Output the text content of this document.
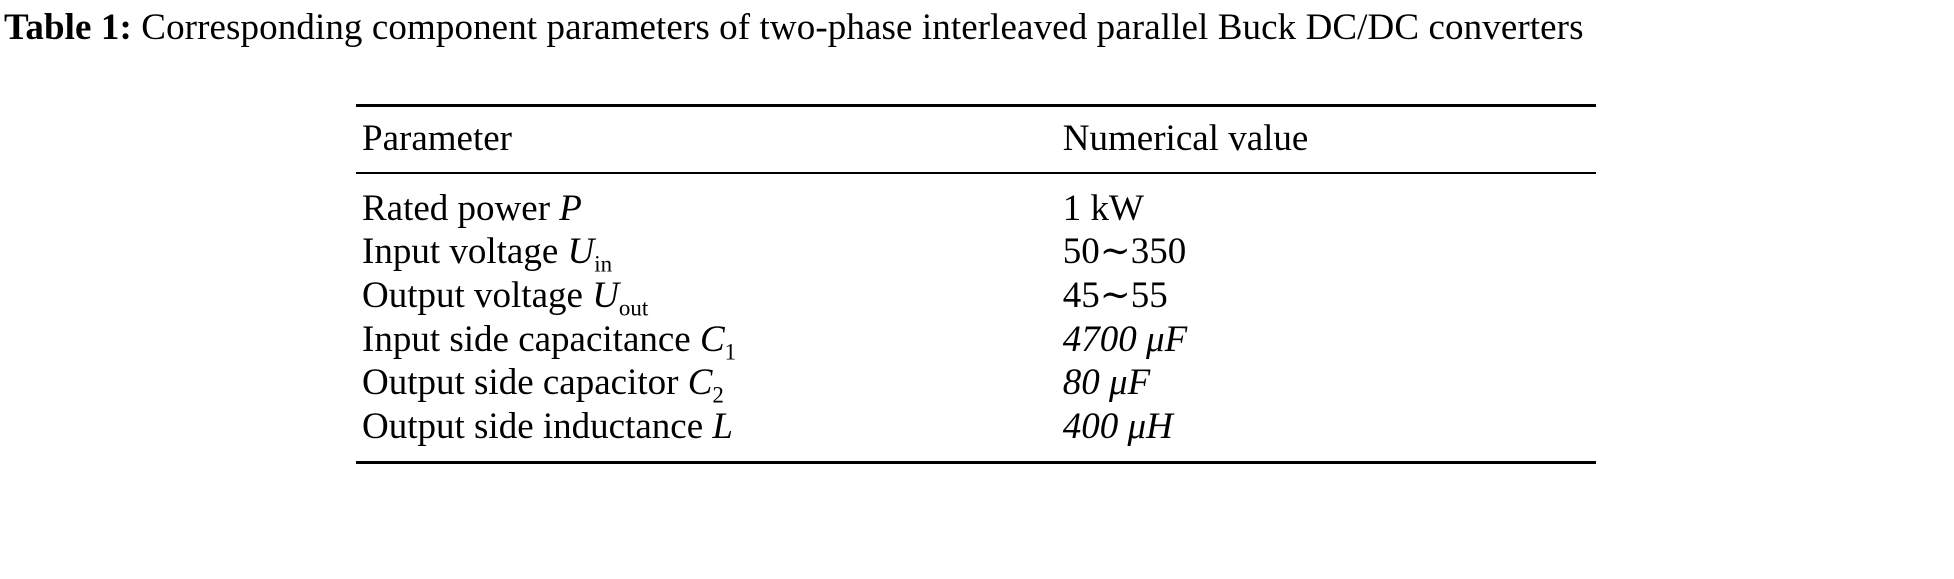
Table 1: Corresponding component parameters of two-phase interleaved parallel Buck DC/DC converters
Parameter	Numerical value
Rated power P	1 kW
Input voltage $U_{in}$	50∼350
Output voltage $U_{out}$	45∼55
Input side capacitance $C_1$	4700 μF
Output side capacitor $C_2$	80 μF
Output side inductance L	400 μH
